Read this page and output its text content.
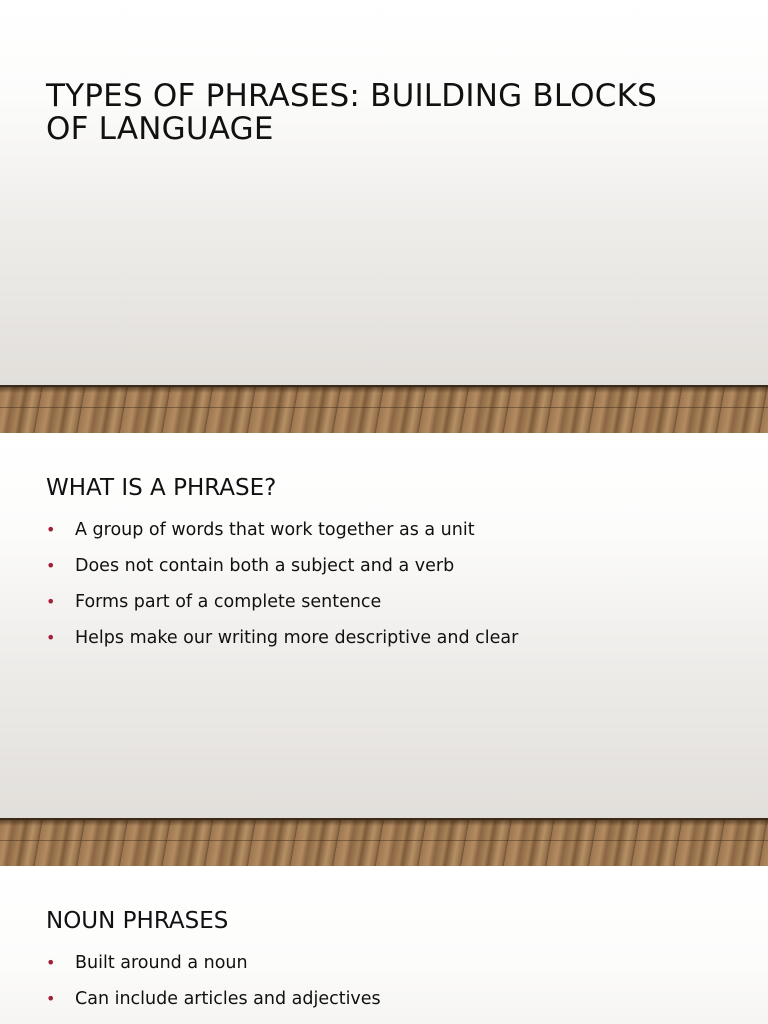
TYPES OF PHRASES: BUILDING BLOCKS OF LANGUAGE
WHAT IS A PHRASE?
• A group of words that work together as a unit
• Does not contain both a subject and a verb
• Forms part of a complete sentence
• Helps make our writing more descriptive and clear
NOUN PHRASES
• Built around a noun
• Can include articles and adjectives
